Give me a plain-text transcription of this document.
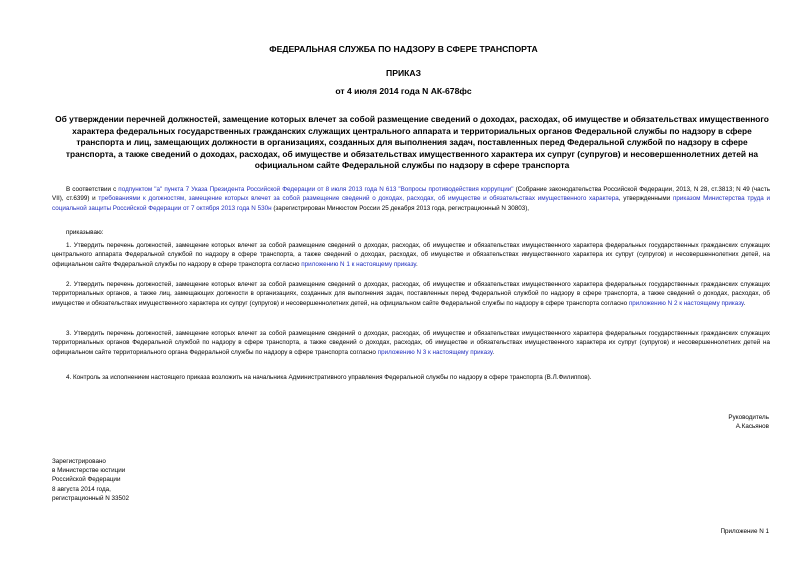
ФЕДЕРАЛЬНАЯ СЛУЖБА ПО НАДЗОРУ В СФЕРЕ ТРАНСПОРТА
ПРИКАЗ
от 4 июля 2014 года N АК-678фс
Об утверждении перечней должностей, замещение которых влечет за собой размещение сведений о доходах, расходах, об имуществе и обязательствах имущественного характера федеральных государственных гражданских служащих центрального аппарата и территориальных органов Федеральной службы по надзору в сфере транспорта и лиц, замещающих должности в организациях, созданных для выполнения задач, поставленных перед Федеральной службой по надзору в сфере транспорта, а также сведений о доходах, расходах, об имуществе и обязательствах имущественного характера их супруг (супругов) и несовершеннолетних детей на официальном сайте Федеральной службы по надзору в сфере транспорта
В соответствии с подпунктом "а" пункта 7 Указа Президента Российской Федерации от 8 июля 2013 года N 613 "Вопросы противодействия коррупции" (Собрание законодательства Российской Федерации, 2013, N 28, ст.3813; N 49 (часть VII), ст.6399) и требованиями к должностям, замещение которых влечет за собой размещение сведений о доходах, расходах, об имуществе и обязательствах имущественного характера, утвержденными приказом Министерства труда и социальной защиты Российской Федерации от 7 октября 2013 года N 530н (зарегистрирован Минюстом России 25 декабря 2013 года, регистрационный N 30803),
приказываю:
1. Утвердить перечень должностей, замещение которых влечет за собой размещение сведений о доходах, расходах, об имуществе и обязательствах имущественного характера федеральных государственных гражданских служащих центрального аппарата Федеральной службой по надзору в сфере транспорта, а также сведений о доходах, расходах, об имуществе и обязательствах имущественного характера их супруг (супругов) и несовершеннолетних детей, на официальном сайте Федеральной службы по надзору в сфере транспорта согласно приложению N 1 к настоящему приказу.
2. Утвердить перечень должностей, замещение которых влечет за собой размещение сведений о доходах, расходах, об имуществе и обязательствах имущественного характера федеральных государственных гражданских служащих территориальных органов, а также лиц, замещающих должности в организациях, созданных для выполнения задач, поставленных перед Федеральной службой по надзору в сфере транспорта, а также сведений о доходах, расходах, об имуществе и обязательствах имущественного характера их супруг (супругов) и несовершеннолетних детей, на официальном сайте Федеральной службы по надзору в сфере транспорта согласно приложению N 2 к настоящему приказу.
3. Утвердить перечень должностей, замещение которых влечет за собой размещение сведений о доходах, расходах, об имуществе и обязательствах имущественного характера федеральных государственных гражданских служащих территориальных органов Федеральной службой по надзору в сфере транспорта, а также сведений о доходах, расходах, об имуществе и обязательствах имущественного характера их супруг (супругов) и несовершеннолетних детей на официальном сайте территориального органа Федеральной службы по надзору в сфере транспорта согласно приложению N 3 к настоящему приказу.
4. Контроль за исполнением настоящего приказа возложить на начальника Административного управления Федеральной службы по надзору в сфере транспорта (В.Л.Филиппов).
Руководитель
А.Касьянов
Зарегистрировано
в Министерстве юстиции
Российской Федерации
8 августа 2014 года,
регистрационный N 33502
Приложение N 1
